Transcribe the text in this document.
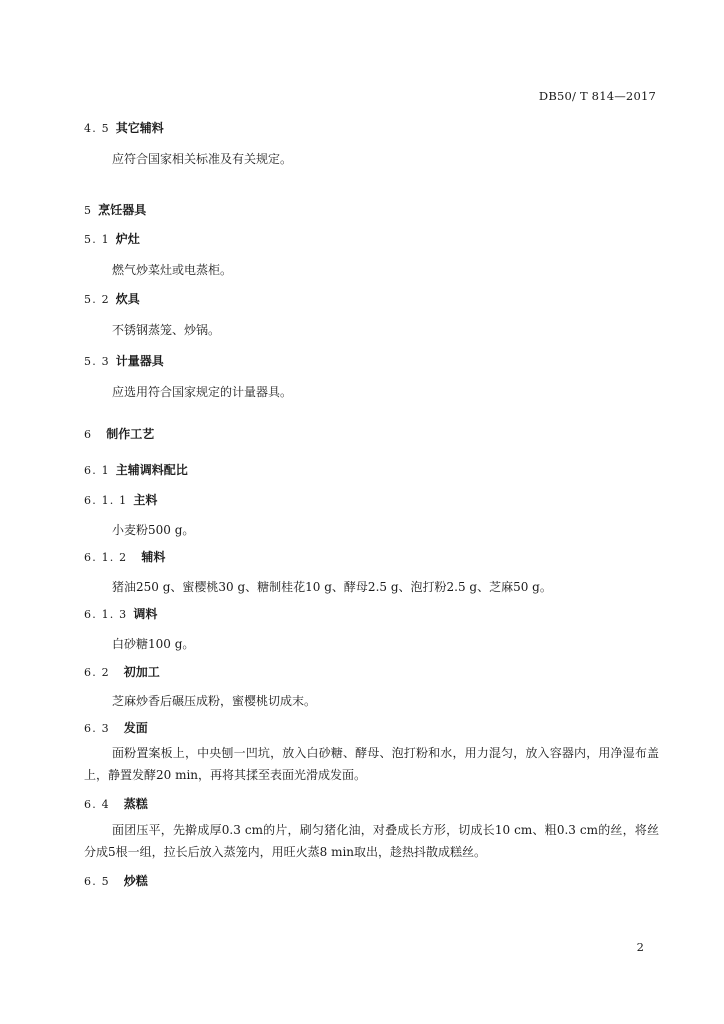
DB50/ T 814—2017
4. 5 其它辅料
应符合国家相关标准及有关规定。
5 烹饪器具
5. 1 炉灶
燃气炒菜灶或电蒸柜。
5. 2 炊具
不锈钢蒸笼、炒锅。
5. 3 计量器具
应选用符合国家规定的计量器具。
6 制作工艺
6. 1 主辅调料配比
6. 1. 1 主料
小麦粉500 g。
6. 1. 2 辅料
猪油250 g、蜜樱桃30 g、糖制桂花10 g、酵母2.5 g、泡打粉2.5 g、芝麻50 g。
6. 1. 3 调料
白砂糖100 g。
6. 2 初加工
芝麻炒香后碾压成粉，蜜樱桃切成末。
6. 3 发面
面粉置案板上，中央刨一凹坑，放入白砂糖、酵母、泡打粉和水，用力混匀，放入容器内，用净湿布盖上，静置发酵20 min，再将其揉至表面光滑成发面。
6. 4 蒸糕
面团压平，先擀成厚0.3 cm的片，刷匀猪化油，对叠成长方形，切成长10 cm、粗0.3 cm的丝，将丝分成5根一组，拉长后放入蒸笼内，用旺火蒸8 min取出，趁热抖散成糕丝。
6. 5 炒糕
2
